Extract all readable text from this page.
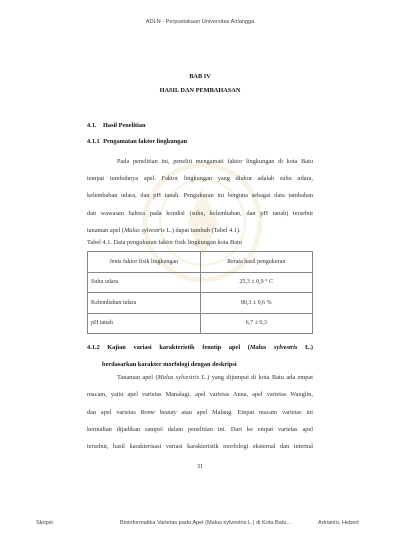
ADLN - Perpustakaan Universitas Airlangga
BAB IV
HASIL DAN PEMBAHASAN
4.1. Hasil Penelitian
4.1.1 Pengamatan faktor lingkungan
Pada penelitian ini, peneliti mengamati faktor lingkungan di kota Batu
tempat tumbuhnya apel. Faktor lingkungan yang diukur adalah suhu udara,
kelembaban udara, dan pH tanah. Pengukuran ini berguna sebagai data tambahan
dan wawasan bahwa pada kondisi (suhu, kelembaban, dan pH tanah) tersebut
tanaman apel (Malus sylvestris L.) dapat tumbuh (Tabel 4.1).
Tabel 4.1. Data pengukuran faktor fisik lingkungan kota Batu
Jenis faktor fisik lingkungan	Rerata hasil pengukuran
Suhu udara	25,3 ± 0,9 ° C
Kelembaban udara	80,3 ± 0,6 %
pH tanah	6,7 ± 0,3
4.1.2 Kajian variasi karakteristik fenotip apel (Malus sylvestris L.)
berdasarkan karakter morfologi dengan deskripsi
Tanaman apel (Malus sylvestris L.) yang dijumpai di kota Batu ada empat
macam, yaitu apel varietas Manalagi, apel varietas Anna, apel varietas Wanglin,
dan apel varietas Rome beauty atau apel Malang. Empat macam varietas ini
kemudian dijadikan sampel dalam penelitian ini. Dari ke empat varietas apel
tersebut, hasil karakterisasi variasi karakteristik morfologi eksternal dan internal
31
Skripsi	Bioinformatika Varietas pada Apel (Malus sylvestris L.) di Kota Batu...	Adrianto, Hebert
